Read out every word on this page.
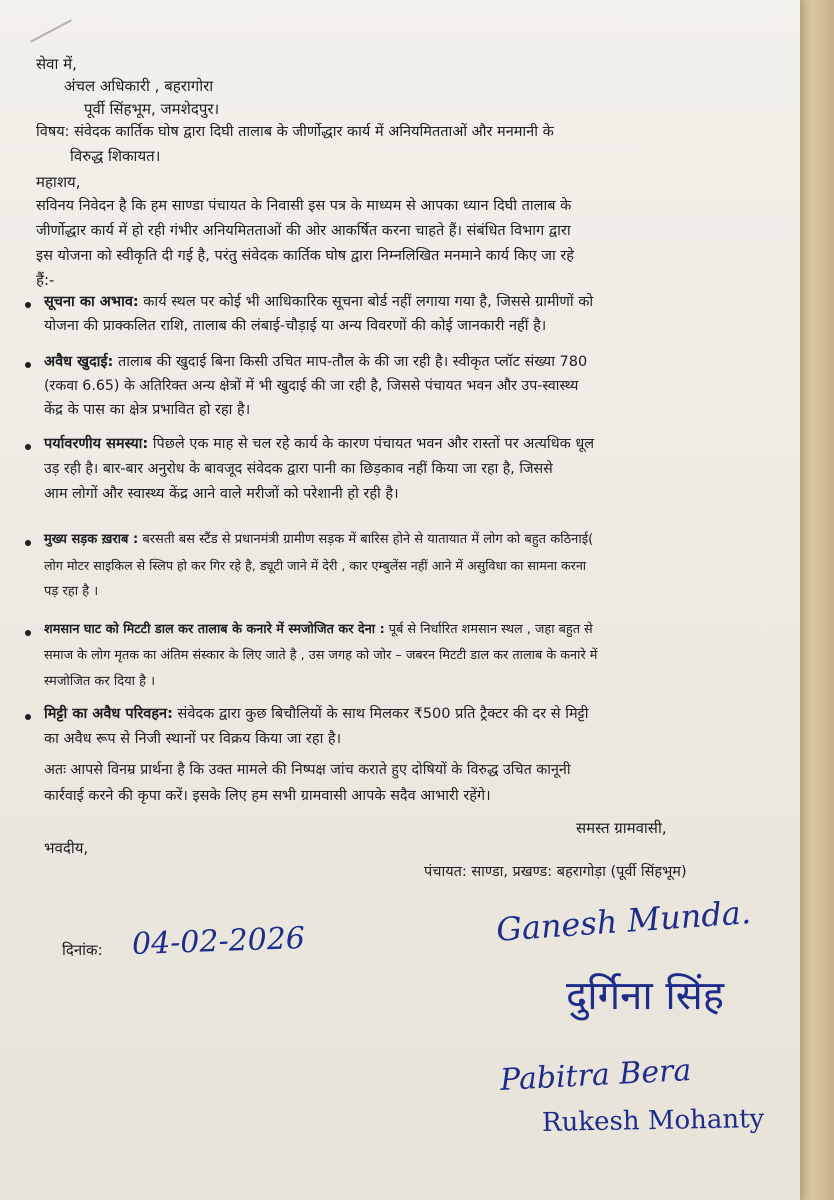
सेवा में,
अंचल अधिकारी , बहरागोरा
पूर्वी सिंहभूम, जमशेदपुर।
विषय: संवेदक कार्तिक घोष द्वारा दिघी तालाब के जीर्णोद्धार कार्य में अनियमितताओं और मनमानी के
विरुद्ध शिकायत।
महाशय,
सविनय निवेदन है कि हम साण्डा पंचायत के निवासी इस पत्र के माध्यम से आपका ध्यान दिघी तालाब के
जीर्णोद्धार कार्य में हो रही गंभीर अनियमितताओं की ओर आकर्षित करना चाहते हैं। संबंधित विभाग द्वारा
इस योजना को स्वीकृति दी गई है, परंतु संवेदक कार्तिक घोष द्वारा निम्नलिखित मनमाने कार्य किए जा रहे
हैं:-
सूचना का अभाव: कार्य स्थल पर कोई भी आधिकारिक सूचना बोर्ड नहीं लगाया गया है, जिससे ग्रामीणों को
योजना की प्राक्कलित राशि, तालाब की लंबाई-चौड़ाई या अन्य विवरणों की कोई जानकारी नहीं है।
अवैध खुदाई: तालाब की खुदाई बिना किसी उचित माप-तौल के की जा रही है। स्वीकृत प्लॉट संख्या 780
(रकवा 6.65) के अतिरिक्त अन्य क्षेत्रों में भी खुदाई की जा रही है, जिससे पंचायत भवन और उप-स्वास्थ्य
केंद्र के पास का क्षेत्र प्रभावित हो रहा है।
पर्यावरणीय समस्या: पिछले एक माह से चल रहे कार्य के कारण पंचायत भवन और रास्तों पर अत्यधिक धूल
उड़ रही है। बार-बार अनुरोध के बावजूद संवेदक द्वारा पानी का छिड़काव नहीं किया जा रहा है, जिससे
आम लोगों और स्वास्थ्य केंद्र आने वाले मरीजों को परेशानी हो रही है।
मुख्य सड़क ख़राब : बरसती बस स्टैंड से प्रधानमंत्री ग्रामीण सड़क में बारिस होने से यातायात में लोग को बहुत कठिनाई(
लोग मोटर साइकिल से स्लिप हो कर गिर रहे है, ड्यूटी जाने में देरी , कार एम्बुलेंस नहीं आने में असुविधा का सामना करना
पड़ रहा है ।
शमसान घाट को मिटटी डाल कर तालाब के कनारे में स्मजोजित कर देना : पूर्ब से निर्धारित शमसान स्थल , जहा बहुत से
समाज के लोग मृतक का अंतिम संस्कार के लिए जाते है , उस जगह को जोर – जबरन मिटटी डाल कर तालाब के कनारे में
स्मजोजित कर दिया है ।
मिट्टी का अवैध परिवहन: संवेदक द्वारा कुछ बिचौलियों के साथ मिलकर ₹500 प्रति ट्रैक्टर की दर से मिट्टी
का अवैध रूप से निजी स्थानों पर विक्रय किया जा रहा है।
अतः आपसे विनम्र प्रार्थना है कि उक्त मामले की निष्पक्ष जांच कराते हुए दोषियों के विरुद्ध उचित कानूनी
कार्रवाई करने की कृपा करें। इसके लिए हम सभी ग्रामवासी आपके सदैव आभारी रहेंगे।
समस्त ग्रामवासी,
भवदीय,
पंचायत: साण्डा, प्रखण्ड: बहरागोड़ा (पूर्वी सिंहभूम)
दिनांक: 04-02-2026	Ganesh Munda.
दुर्गिना सिंह
Pabitra Bera
Rukesh Mohanty
